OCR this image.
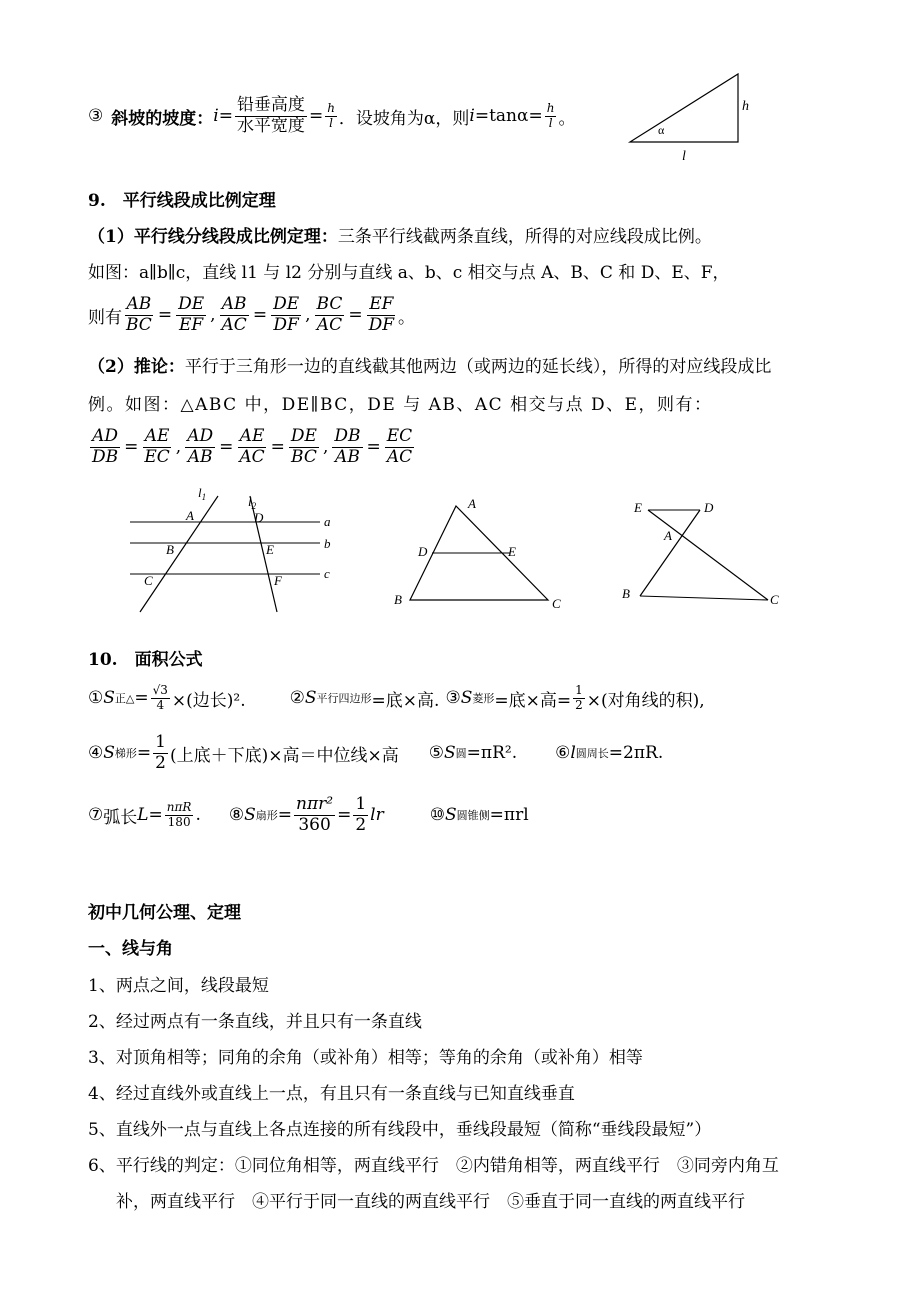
③ 斜坡的坡度： $i = \frac{\text{铅垂高度}}{\text{水平宽度}} = \frac{h}{l}$ ．设坡角为α，则 $i = \tan\alpha = \frac{h}{l}$ 。
h
l
α
9.　平行线段成比例定理
（1）平行线分线段成比例定理：三条平行线截两条直线，所得的对应线段成比例。
如图：a∥b∥c，直线 l1 与 l2 分别与直线 a、b、c 相交与点 A、B、C 和 D、E、F，
则有 $\frac{AB}{BC} = \frac{DE}{EF}$ , $\frac{AB}{AC} = \frac{DE}{DF}$ , $\frac{BC}{AC} = \frac{EF}{DF}$ 。
（2）推论：平行于三角形一边的直线截其他两边（或两边的延长线），所得的对应线段成比
例。如图：△ABC 中，DE∥BC，DE 与 AB、AC 相交与点 D、E，则有：
$\frac{AD}{DB} = \frac{AE}{EC}$ , $\frac{AD}{AB} = \frac{AE}{AC} = \frac{DE}{BC}$ , $\frac{DB}{AB} = \frac{EC}{AC}$
$l_1$	$l_2$
A	D	a
B	E	b
C	F	c
A
D	E
B	C
E	D
A
B	C
10.　面积公式
① S 正△ = $\frac{√3}{4}$ ×(边长)².	② S 平行四边形 =底×高. ③ S 菱形 =底×高= $\frac{1}{2}$ ×(对角线的积),
④ S 梯形 = $\frac{1}{2}$ (上底＋下底)×高＝中位线×高 ⑤ S 圆 =πR². ⑥ l 圆周长 =2πR.
⑦ 弧长 $L = \frac{\text{nπR}}{180}$ . ⑧ S 扇形 = $\frac{\text{nπr²}}{360} = \frac{1}{2}$ lr	⑩ S 圆锥侧 =πrl
初中几何公理、定理
一、线与角
1、两点之间，线段最短
2、经过两点有一条直线，并且只有一条直线
3、对顶角相等；同角的余角（或补角）相等；等角的余角（或补角）相等
4、经过直线外或直线上一点，有且只有一条直线与已知直线垂直
5、直线外一点与直线上各点连接的所有线段中，垂线段最短（简称“垂线段最短”）
6、平行线的判定：①同位角相等，两直线平行　②内错角相等，两直线平行　③同旁内角互
补，两直线平行　④平行于同一直线的两直线平行　⑤垂直于同一直线的两直线平行
